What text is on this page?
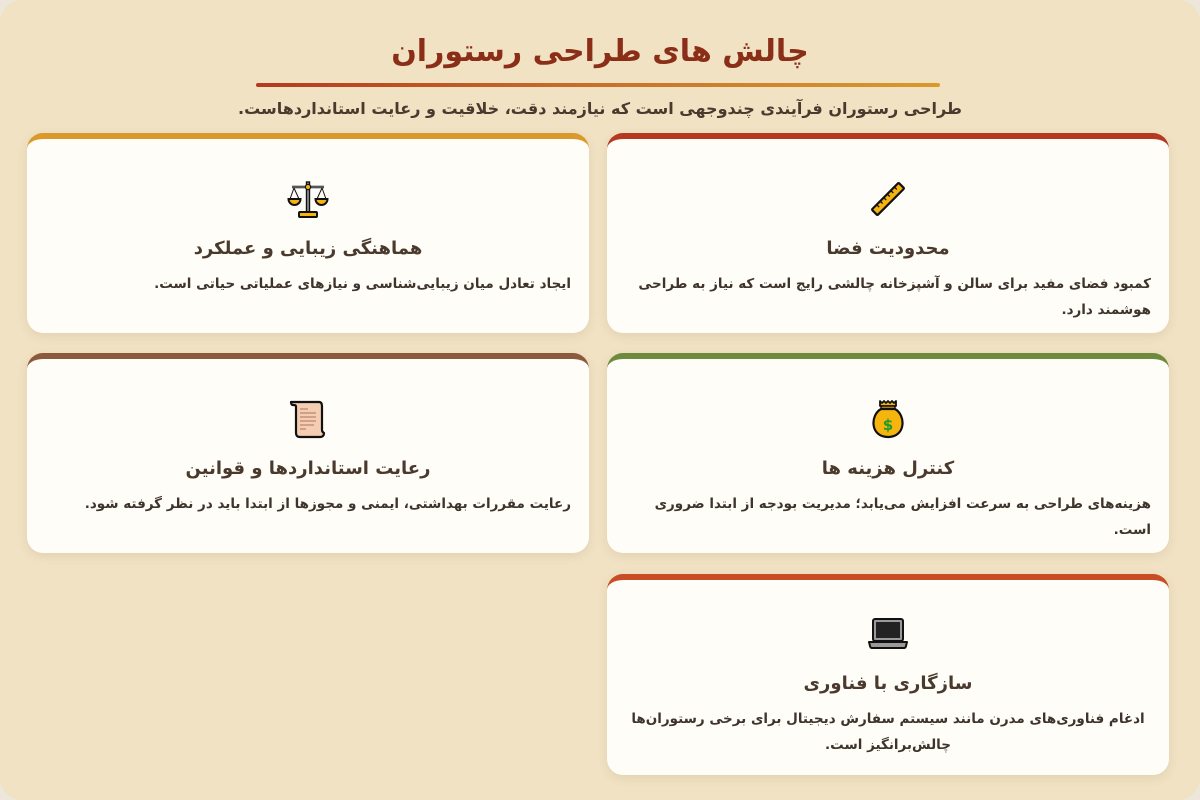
چالش های طراحی رستوران

طراحی رستوران فرآیندی چندوجهی است که نیازمند دقت، خلاقیت و رعایت استانداردهاست.

محدودیت فضا
کمبود فضای مفید برای سالن و آشپزخانه چالشی رایج است که نیاز به طراحی هوشمند دارد.
هماهنگی زیبایی و عملکرد
ایجاد تعادل میان زیبایی‌شناسی و نیازهای عملیاتی حیاتی است.
$
کنترل هزینه ها
هزینه‌های طراحی به سرعت افزایش می‌یابد؛ مدیریت بودجه از ابتدا ضروری است.
رعایت استانداردها و قوانین
رعایت مقررات بهداشتی، ایمنی و مجوزها از ابتدا باید در نظر گرفته شود.
سازگاری با فناوری
ادغام فناوری‌های مدرن مانند سیستم سفارش دیجیتال برای برخی رستوران‌ها چالش‌برانگیز است.
